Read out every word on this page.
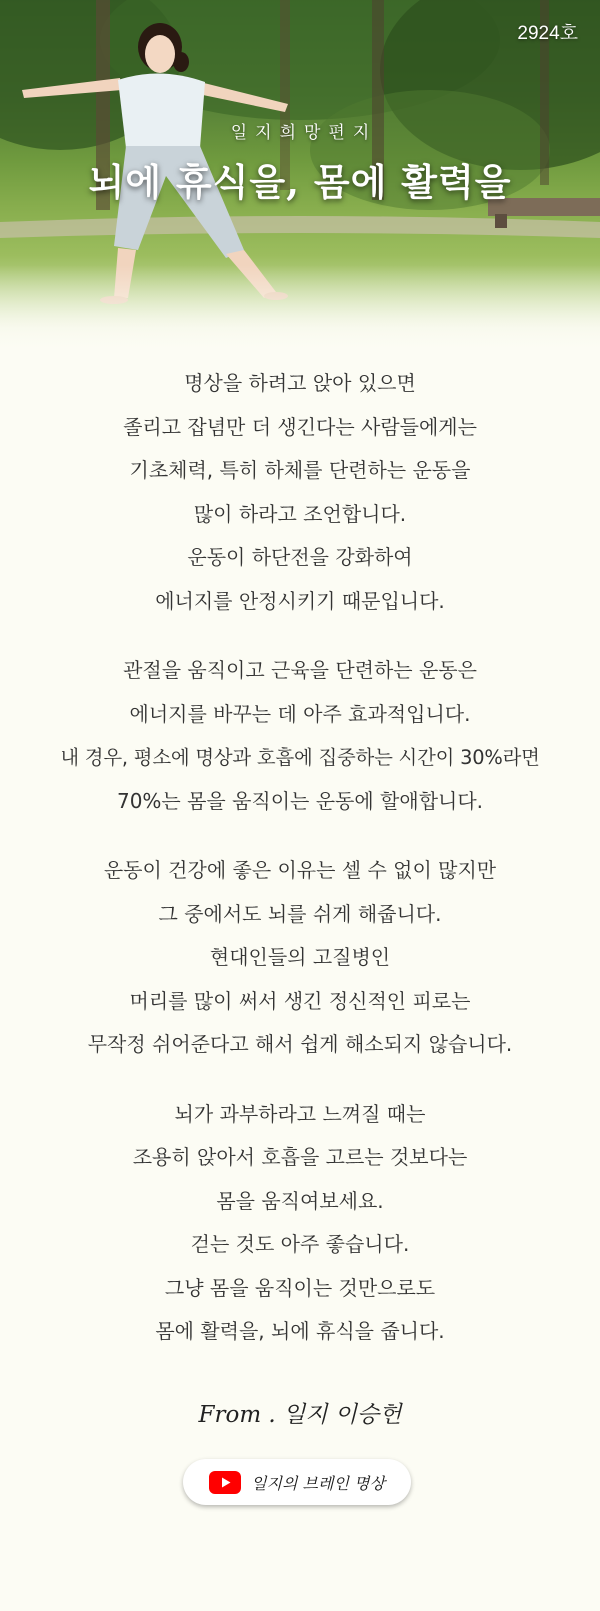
2924호
일지희망편지
뇌에 휴식을, 몸에 활력을
명상을 하려고 앉아 있으면
졸리고 잡념만 더 생긴다는 사람들에게는
기초체력, 특히 하체를 단련하는 운동을
많이 하라고 조언합니다.
운동이 하단전을 강화하여
에너지를 안정시키기 때문입니다.
관절을 움직이고 근육을 단련하는 운동은
에너지를 바꾸는 데 아주 효과적입니다.
내 경우, 평소에 명상과 호흡에 집중하는 시간이 30%라면
70%는 몸을 움직이는 운동에 할애합니다.
운동이 건강에 좋은 이유는 셀 수 없이 많지만
그 중에서도 뇌를 쉬게 해줍니다.
현대인들의 고질병인
머리를 많이 써서 생긴 정신적인 피로는
무작정 쉬어준다고 해서 쉽게 해소되지 않습니다.
뇌가 과부하라고 느껴질 때는
조용히 앉아서 호흡을 고르는 것보다는
몸을 움직여보세요.
걷는 것도 아주 좋습니다.
그냥 몸을 움직이는 것만으로도
몸에 활력을, 뇌에 휴식을 줍니다.
From . 일지 이승헌
일지의 브레인 명상
